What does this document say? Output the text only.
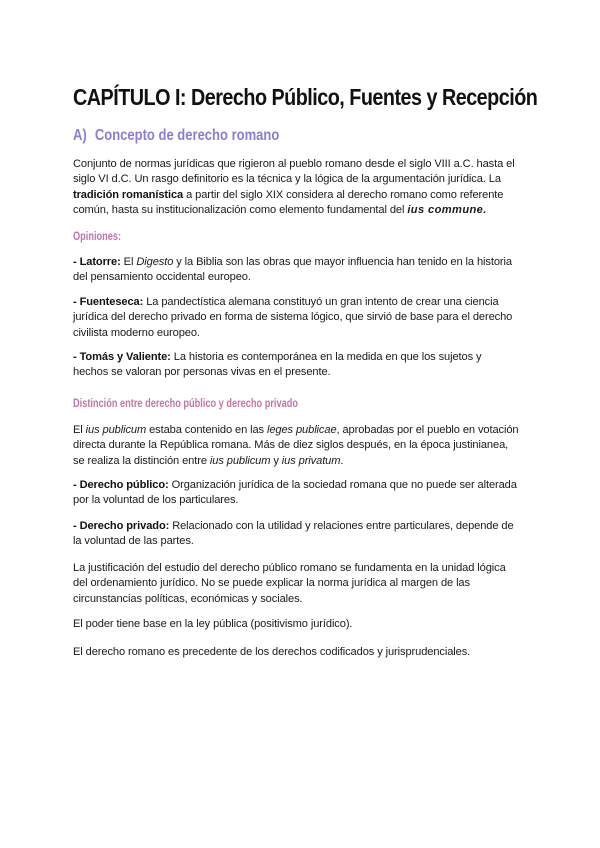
CAPÍTULO I: Derecho Público, Fuentes y Recepción
A) Concepto de derecho romano
Conjunto de normas jurídicas que rigieron al pueblo romano desde el siglo VIII a.C. hasta el
siglo VI d.C. Un rasgo definitorio es la técnica y la lógica de la argumentación jurídica. La
tradición romanística a partir del siglo XIX considera al derecho romano como referente
común, hasta su institucionalización como elemento fundamental del ius commune.
Opiniones:
- Latorre: El Digesto y la Biblia son las obras que mayor influencia han tenido en la historia
del pensamiento occidental europeo.
- Fuenteseca: La pandectística alemana constituyó un gran intento de crear una ciencia
jurídica del derecho privado en forma de sistema lógico, que sirvió de base para el derecho
civilista moderno europeo.
- Tomás y Valiente: La historia es contemporánea en la medida en que los sujetos y
hechos se valoran por personas vivas en el presente.
Distinción entre derecho público y derecho privado
El ius publicum estaba contenido en las leges publicae, aprobadas por el pueblo en votación
directa durante la República romana. Más de diez siglos después, en la época justinianea,
se realiza la distinción entre ius publicum y ius privatum.
- Derecho público: Organización jurídica de la sociedad romana que no puede ser alterada
por la voluntad de los particulares.
- Derecho privado: Relacionado con la utilidad y relaciones entre particulares, depende de
la voluntad de las partes.
La justificación del estudio del derecho público romano se fundamenta en la unidad lógica
del ordenamiento jurídico. No se puede explicar la norma jurídica al margen de las
circunstancias políticas, económicas y sociales.
El poder tiene base en la ley pública (positivismo jurídico).
El derecho romano es precedente de los derechos codificados y jurisprudenciales.
